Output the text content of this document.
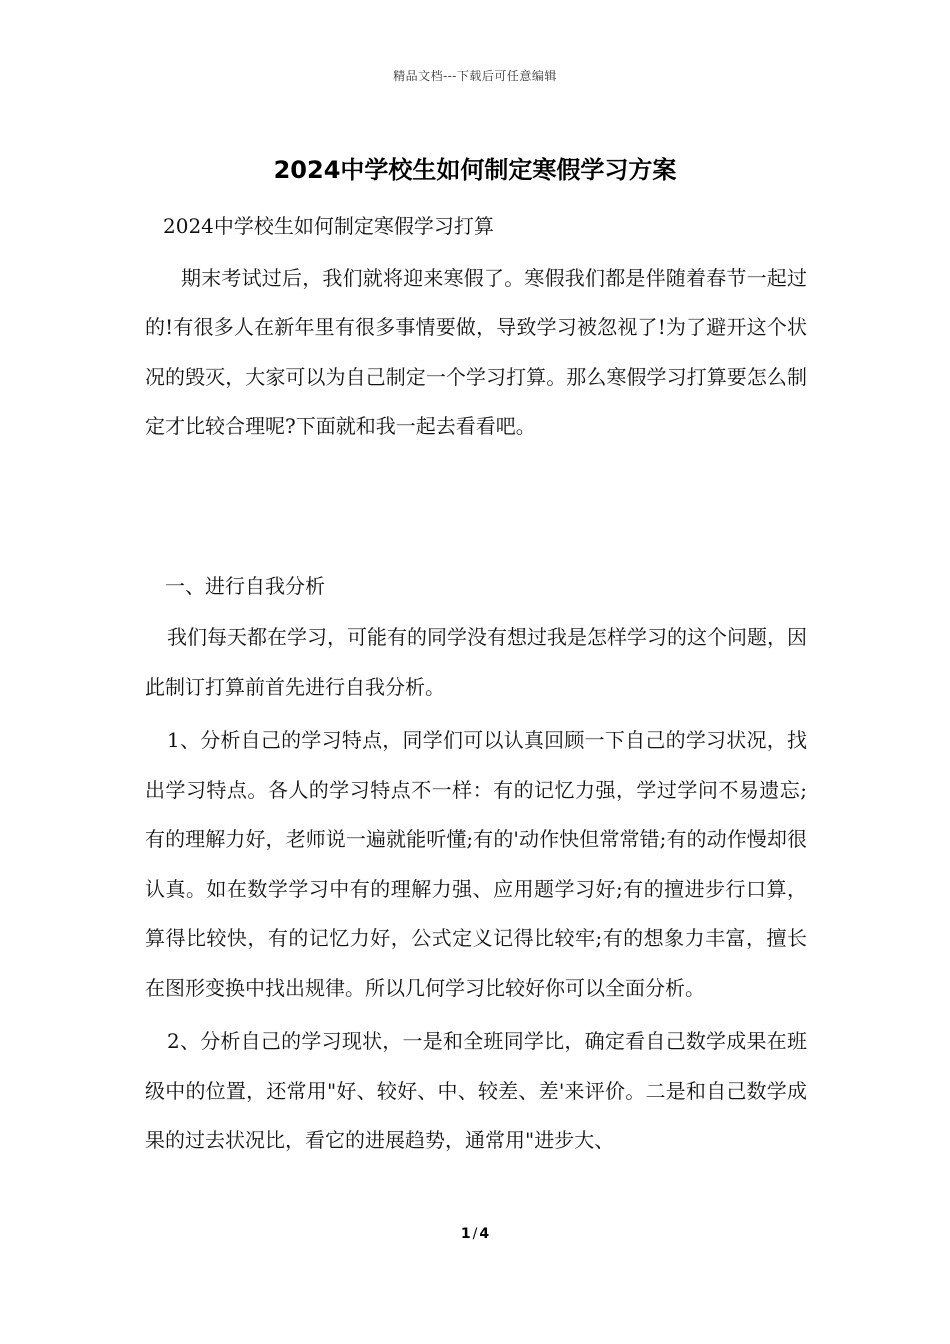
精品文档---下载后可任意编辑
2024中学校生如何制定寒假学习方案

2024中学校生如何制定寒假学习打算

期末考试过后，我们就将迎来寒假了。寒假我们都是伴随着春节一起过的!有很多人在新年里有很多事情要做，导致学习被忽视了!为了避开这个状况的毁灭，大家可以为自己制定一个学习打算。那么寒假学习打算要怎么制定才比较合理呢?下面就和我一起去看看吧。

一、进行自我分析

我们每天都在学习，可能有的同学没有想过我是怎样学习的这个问题，因此制订打算前首先进行自我分析。

1、分析自己的学习特点，同学们可以认真回顾一下自己的学习状况，找出学习特点。各人的学习特点不一样：有的记忆力强，学过学问不易遗忘;有的理解力好，老师说一遍就能听懂;有的'动作快但常常错;有的动作慢却很认真。如在数学学习中有的理解力强、应用题学习好;有的擅进步行口算，算得比较快，有的记忆力好，公式定义记得比较牢;有的想象力丰富，擅长在图形变换中找出规律。所以几何学习比较好你可以全面分析。

2、分析自己的学习现状，一是和全班同学比，确定看自己数学成果在班级中的位置，还常用"好、较好、中、较差、差'来评价。二是和自己数学成果的过去状况比，看它的进展趋势，通常用"进步大、

1 / 4
